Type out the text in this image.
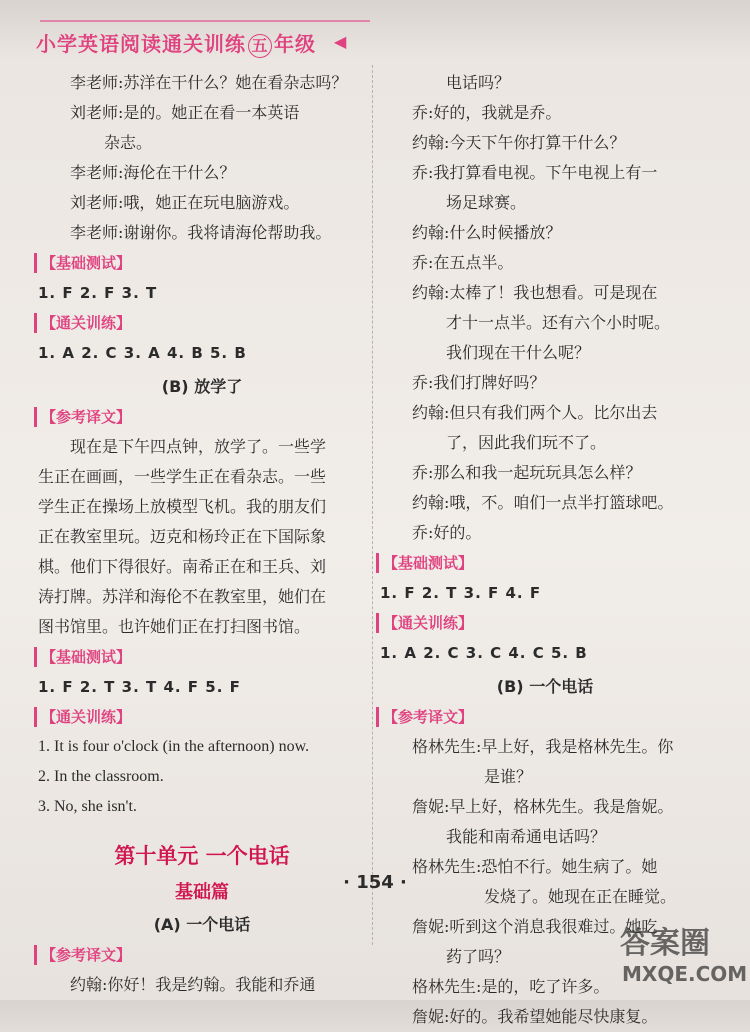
小学英语阅读通关训练 五 年级 ◀
李老师:苏洋在干什么？她在看杂志吗？
刘老师:是的。她正在看一本英语
杂志。
李老师:海伦在干什么？
刘老师:哦，她正在玩电脑游戏。
李老师:谢谢你。我将请海伦帮助我。
【基础测试】
1. F 2. F 3. T
【通关训练】
1. A 2. C 3. A 4. B 5. B
(B) 放学了
【参考译文】
现在是下午四点钟，放学了。一些学
生正在画画，一些学生正在看杂志。一些
学生正在操场上放模型飞机。我的朋友们
正在教室里玩。迈克和杨玲正在下国际象
棋。他们下得很好。南希正在和王兵、刘
涛打牌。苏洋和海伦不在教室里，她们在
图书馆里。也许她们正在打扫图书馆。
【基础测试】
1. F 2. T 3. T 4. F 5. F
【通关训练】
1. It is four o'clock (in the afternoon) now.
2. In the classroom.
3. No, she isn't.
第十单元 一个电话
基础篇
(A) 一个电话
【参考译文】
约翰:你好！我是约翰。我能和乔通
电话吗？
乔:好的，我就是乔。
约翰:今天下午你打算干什么？
乔:我打算看电视。下午电视上有一
场足球赛。
约翰:什么时候播放？
乔:在五点半。
约翰:太棒了！我也想看。可是现在
才十一点半。还有六个小时呢。
我们现在干什么呢？
乔:我们打牌好吗？
约翰:但只有我们两个人。比尔出去
了，因此我们玩不了。
乔:那么和我一起玩玩具怎么样？
约翰:哦，不。咱们一点半打篮球吧。
乔:好的。
【基础测试】
1. F 2. T 3. F 4. F
【通关训练】
1. A 2. C 3. C 4. C 5. B
(B) 一个电话
【参考译文】
格林先生:早上好，我是格林先生。你
是谁？
詹妮:早上好，格林先生。我是詹妮。
我能和南希通电话吗？
格林先生:恐怕不行。她生病了。她
发烧了。她现在正在睡觉。
詹妮:听到这个消息我很难过。她吃
药了吗？
格林先生:是的，吃了许多。
詹妮:好的。我希望她能尽快康复。
· 154 ·
答案圈
MXQE.COM
